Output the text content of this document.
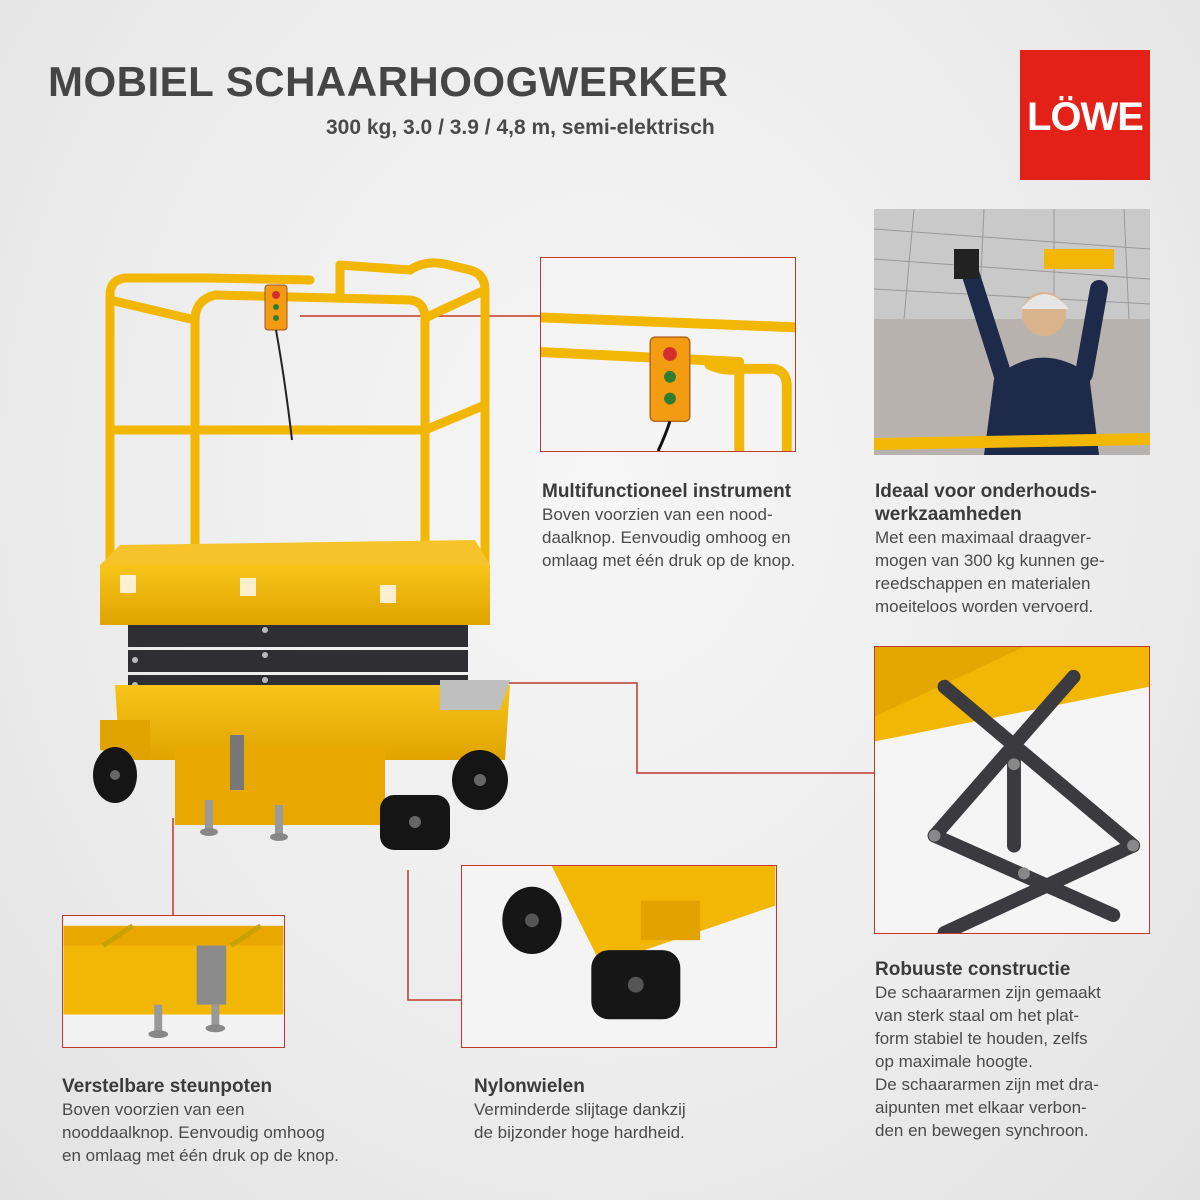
MOBIEL SCHAARHOOGWERKER
300 kg, 3.0 / 3.9 / 4,8 m, semi-elektrisch	LÖWE
Multifunctioneel instrument

Boven voorzien van een nood-

daalknop. Eenvoudig omhoog en

omlaag met één druk op de knop.

Ideaal voor onderhouds-
werkzaamheden

Met een maximaal draagver-

mogen van 300 kg kunnen ge-

reedschappen en materialen

moeiteloos worden vervoerd.

Robuuste constructie

De schaararmen zijn gemaakt

van sterk staal om het plat-

form stabiel te houden, zelfs

op maximale hoogte.

De schaararmen zijn met dra-

aipunten met elkaar verbon-

den en bewegen synchroon.

Verstelbare steunpoten

Boven voorzien van een

nooddaalknop. Eenvoudig omhoog

en omlaag met één druk op de knop.

Nylonwielen

Verminderde slijtage dankzij

de bijzonder hoge hardheid.
